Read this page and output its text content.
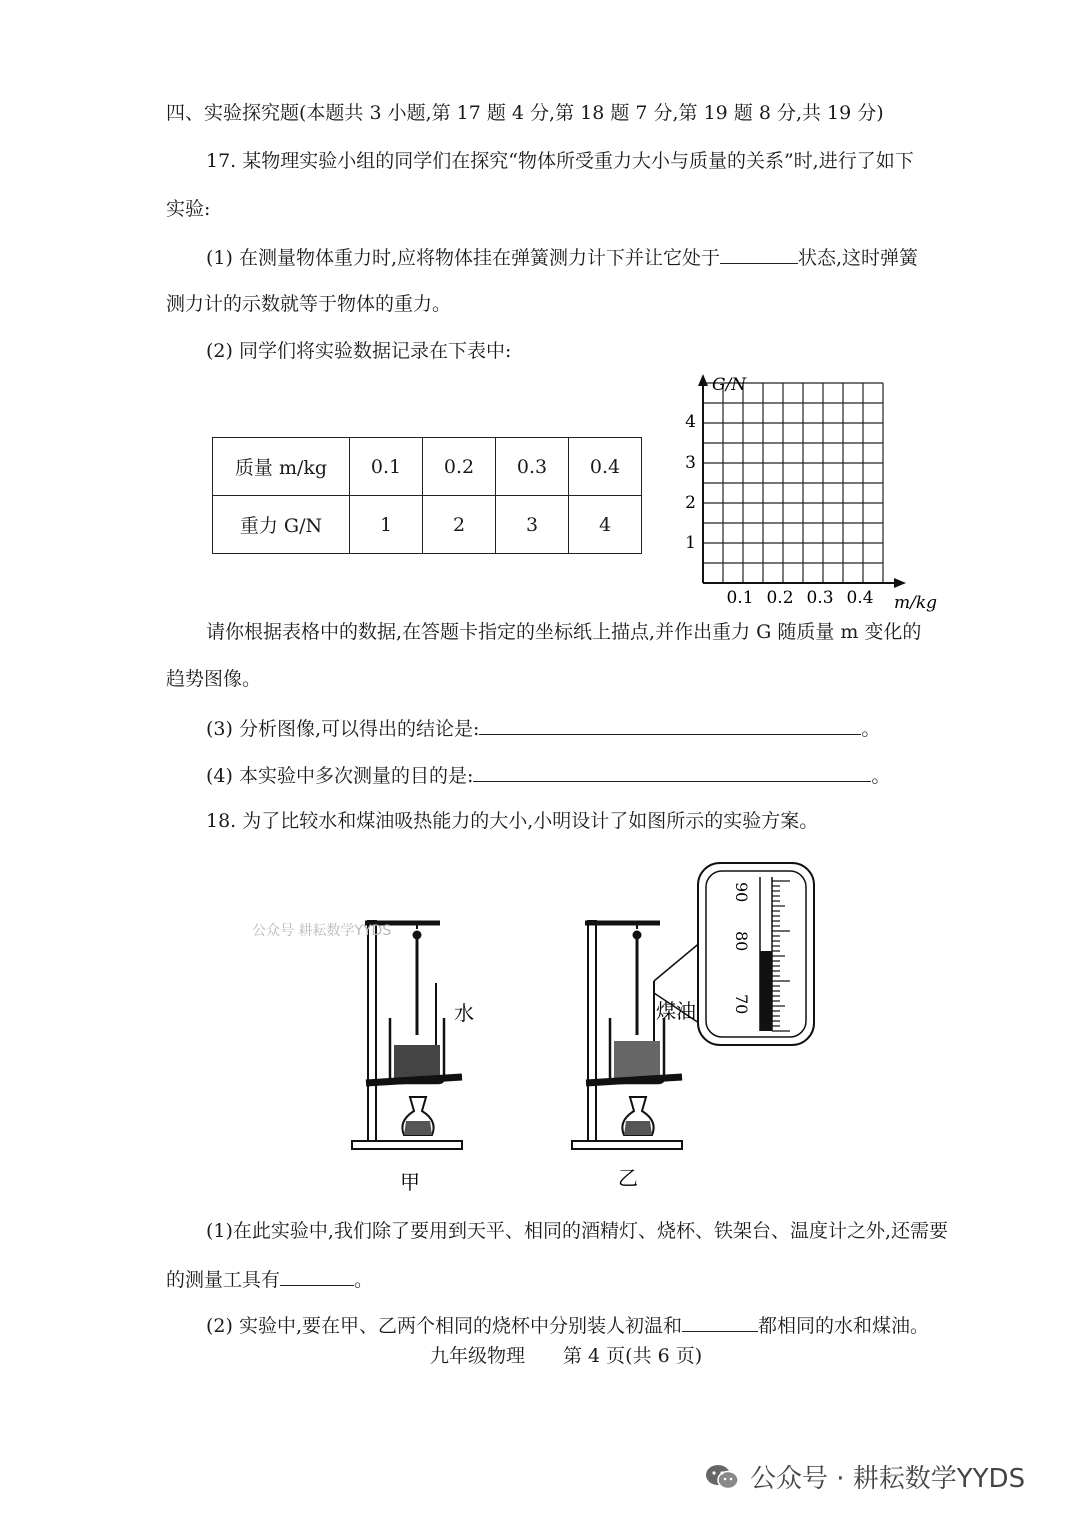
四、实验探究题(本题共 3 小题,第 17 题 4 分,第 18 题 7 分,第 19 题 8 分,共 19 分)
17. 某物理实验小组的同学们在探究“物体所受重力大小与质量的关系”时,进行了如下
实验:
(1) 在测量物体重力时,应将物体挂在弹簧测力计下并让它处于	状态,这时弹簧
测力计的示数就等于物体的重力。
(2) 同学们将实验数据记录在下表中:
质量 m/kg	0.1	0.2	0.3	0.4
重力 G/N	1	2	3	4
G/N
m/kg
1
2
3
4
0.1 0.2 0.3 0.4
请你根据表格中的数据,在答题卡指定的坐标纸上描点,并作出重力 G 随质量 m 变化的
趋势图像。
(3) 分析图像,可以得出的结论是:	。
(4) 本实验中多次测量的目的是:	。
18. 为了比较水和煤油吸热能力的大小,小明设计了如图所示的实验方案。
水
甲
煤油
乙
90
80
70
公众号 耕耘数学YYDS
(1)在此实验中,我们除了要用到天平、相同的酒精灯、烧杯、铁架台、温度计之外,还需要
的测量工具有	。
(2) 实验中,要在甲、乙两个相同的烧杯中分别装人初温和	都相同的水和煤油。
九年级物理 第 4 页(共 6 页)
公众号 · 耕耘数学YYDS
